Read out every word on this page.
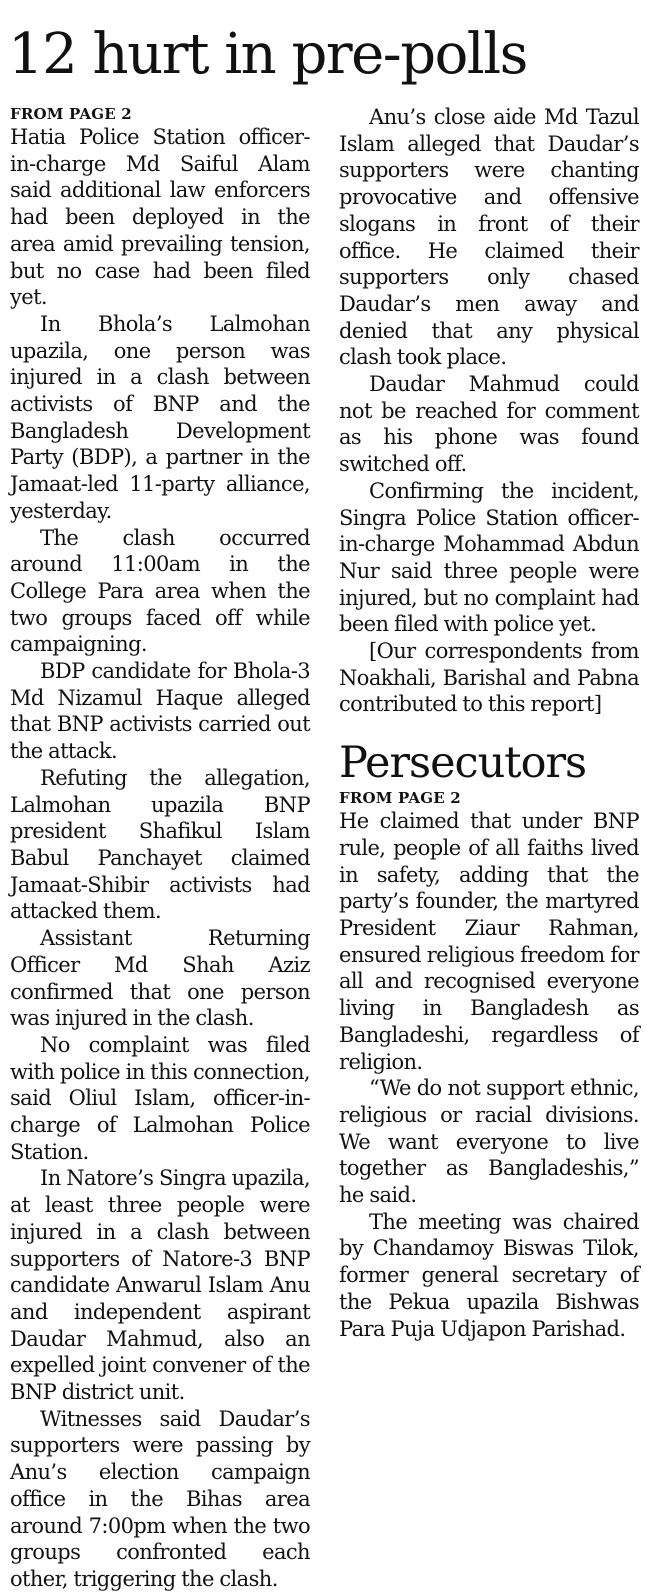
12 hurt in pre-polls

FROM PAGE 2

Hatia Police Station officer-in-charge Md Saiful Alam said additional law enforcers had been deployed in the area amid prevailing tension, but no case had been filed yet.

In Bhola’s Lalmohan upazila, one person was injured in a clash between activists of BNP and the Bangladesh Development Party (BDP), a partner in the Jamaat-led 11-party alliance, yesterday.

The clash occurred around 11:00am in the College Para area when the two groups faced off while campaigning.

BDP candidate for Bhola-3 Md Nizamul Haque alleged that BNP activists carried out the attack.

Refuting the allegation, Lalmohan upazila BNP president Shafikul Islam Babul Panchayet claimed Jamaat-Shibir activists had attacked them.

Assistant Returning Officer Md Shah Aziz confirmed that one person was injured in the clash.

No complaint was filed with police in this connection, said Oliul Islam, officer-in-charge of Lalmohan Police Station.

In Natore’s Singra upazila, at least three people were injured in a clash between supporters of Natore-3 BNP candidate Anwarul Islam Anu and independent aspirant Daudar Mahmud, also an expelled joint convener of the BNP district unit.

Witnesses said Daudar’s supporters were passing by Anu’s election campaign office in the Bihas area around 7:00pm when the two groups confronted each other, triggering the clash.

Anu’s close aide Md Tazul Islam alleged that Daudar’s supporters were chanting provocative and offensive slogans in front of their office. He claimed their supporters only chased Daudar’s men away and denied that any physical clash took place.

Daudar Mahmud could not be reached for comment as his phone was found switched off.

Confirming the incident, Singra Police Station officer-in-charge Mohammad Abdun Nur said three people were injured, but no complaint had been filed with police yet.

[Our correspondents from Noakhali, Barishal and Pabna contributed to this report]

Persecutors

FROM PAGE 2

He claimed that under BNP rule, people of all faiths lived in safety, adding that the party’s founder, the martyred President Ziaur Rahman, ensured religious freedom for all and recognised everyone living in Bangladesh as Bangladeshi, regardless of religion.

“We do not support ethnic, religious or racial divisions. We want everyone to live together as Bangladeshis,” he said.

The meeting was chaired by Chandamoy Biswas Tilok, former general secretary of the Pekua upazila Bishwas Para Puja Udjapon Parishad.
